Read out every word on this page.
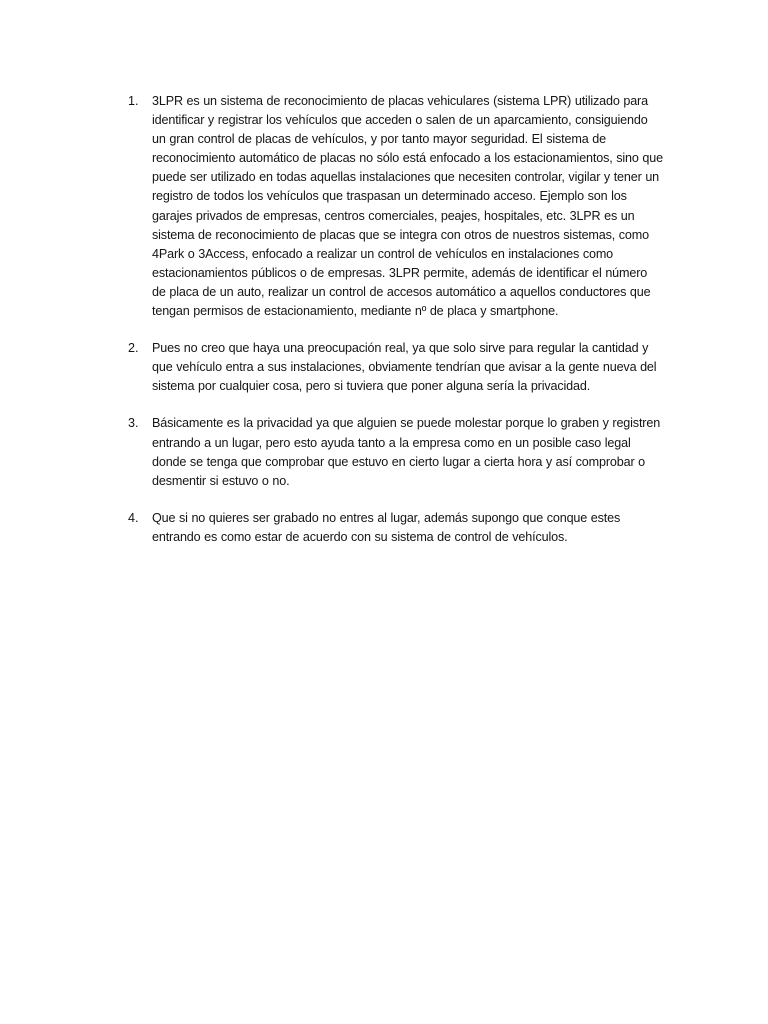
1.	3LPR es un sistema de reconocimiento de placas vehiculares (sistema LPR) utilizado para identificar y registrar los vehículos que acceden o salen de un aparcamiento, consiguiendo un gran control de placas de vehículos, y por tanto mayor seguridad. El sistema de reconocimiento automático de placas no sólo está enfocado a los estacionamientos, sino que puede ser utilizado en todas aquellas instalaciones que necesiten controlar, vigilar y tener un registro de todos los vehículos que traspasan un determinado acceso. Ejemplo son los garajes privados de empresas, centros comerciales, peajes, hospitales, etc. 3LPR es un sistema de reconocimiento de placas que se integra con otros de nuestros sistemas, como 4Park o 3Access, enfocado a realizar un control de vehículos en instalaciones como estacionamientos públicos o de empresas. 3LPR permite, además de identificar el número de placa de un auto, realizar un control de accesos automático a aquellos conductores que tengan permisos de estacionamiento, mediante nº de placa y smartphone.
2.	Pues no creo que haya una preocupación real, ya que solo sirve para regular la cantidad y que vehículo entra a sus instalaciones, obviamente tendrían que avisar a la gente nueva del sistema por cualquier cosa, pero si tuviera que poner alguna sería la privacidad.
3.	Básicamente es la privacidad ya que alguien se puede molestar porque lo graben y registren entrando a un lugar, pero esto ayuda tanto a la empresa como en un posible caso legal donde se tenga que comprobar que estuvo en cierto lugar a cierta hora y así comprobar o desmentir si estuvo o no.
4.	Que si no quieres ser grabado no entres al lugar, además supongo que conque estes entrando es como estar de acuerdo con su sistema de control de vehículos.
